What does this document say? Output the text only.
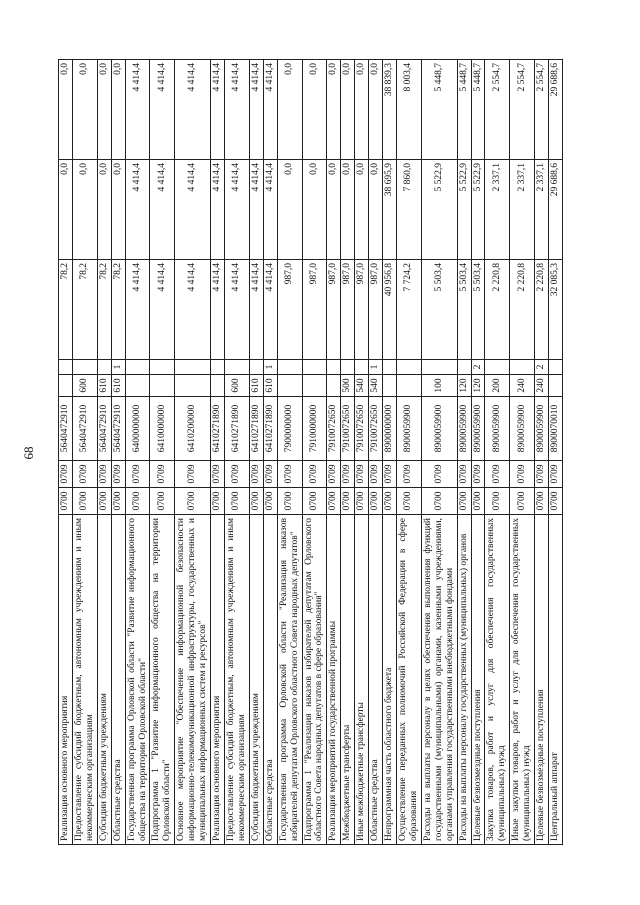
68
Реализация основного мероприятия	0700	0709	5640472910			78,2	0,0	0,0
Предоставление субсидий бюджетным, автономным учреждениям и иным некоммерческим организациям	0700	0709	5640472910	600		78,2	0,0	0,0
Субсидии бюджетным учреждениям	0700	0709	5640472910	610		78,2	0,0	0,0
Областные средства	0700	0709	5640472910	610	1	78,2	0,0	0,0
Государственная программа Орловской области "Развитие информационного общества на территории Орловской области"	0700	0709	6400000000			4 414,4	4 414,4	4 414,4
Подпрограмма 1 "Развитие информационного общества на территории Орловской области"	0700	0709	6410000000			4 414,4	4 414,4	4 414,4
Основное мероприятие "Обеспечение информационной безопасности информационно-телекоммуникационной инфраструктуры, государственных и муниципальных информационных систем и ресурсов"	0700	0709	6410200000			4 414,4	4 414,4	4 414,4
Реализация основного мероприятия	0700	0709	6410271890			4 414,4	4 414,4	4 414,4
Предоставление субсидий бюджетным, автономным учреждениям и иным некоммерческим организациям	0700	0709	6410271890	600		4 414,4	4 414,4	4 414,4
Субсидии бюджетным учреждениям	0700	0709	6410271890	610		4 414,4	4 414,4	4 414,4
Областные средства	0700	0709	6410271890	610	1	4 414,4	4 414,4	4 414,4
Государственная программа Орловской области "Реализация наказов избирателей депутатам Орловского областного Совета народных депутатов"	0700	0709	7900000000			987,0	0,0	0,0
Подпрограмма 1 "Реализация наказов избирателей депутатам Орловского областного Совета народных депутатов в сфере образования"	0700	0709	7910000000			987,0	0,0	0,0
Реализация мероприятий государственной программы	0700	0709	7910072650			987,0	0,0	0,0
Межбюджетные трансферты	0700	0709	7910072650	500		987,0	0,0	0,0
Иные межбюджетные трансферты	0700	0709	7910072650	540		987,0	0,0	0,0
Областные средства	0700	0709	7910072650	540	1	987,0	0,0	0,0
Непрограммная часть областного бюджета	0700	0709	8900000000			40 956,8	38 695,9	38 839,3
Осуществление переданных полномочий Российской Федерации в сфере образования	0700	0709	8900059900			7 724,2	7 860,0	8 003,4
Расходы на выплаты персоналу в целях обеспечения выполнения функций государственными (муниципальными) органами, казенными учреждениями, органами управления государственными внебюджетными фондами	0700	0709	8900059900	100		5 503,4	5 522,9	5 448,7
Расходы на выплаты персоналу государственных (муниципальных) органов	0700	0709	8900059900	120		5 503,4	5 522,9	5 448,7
Целевые безвозмездные поступления	0700	0709	8900059900	120	2	5 503,4	5 522,9	5 448,7
Закупка товаров, работ и услуг для обеспечения государственных (муниципальных) нужд	0700	0709	8900059900	200		2 220,8	2 337,1	2 554,7
Иные закупки товаров, работ и услуг для обеспечения государственных (муниципальных) нужд	0700	0709	8900059900	240		2 220,8	2 337,1	2 554,7
Целевые безвозмездные поступления	0700	0709	8900059900	240	2	2 220,8	2 337,1	2 554,7
Центральный аппарат	0700	0709	8900070010			32 085,3	29 688,6	29 688,6
